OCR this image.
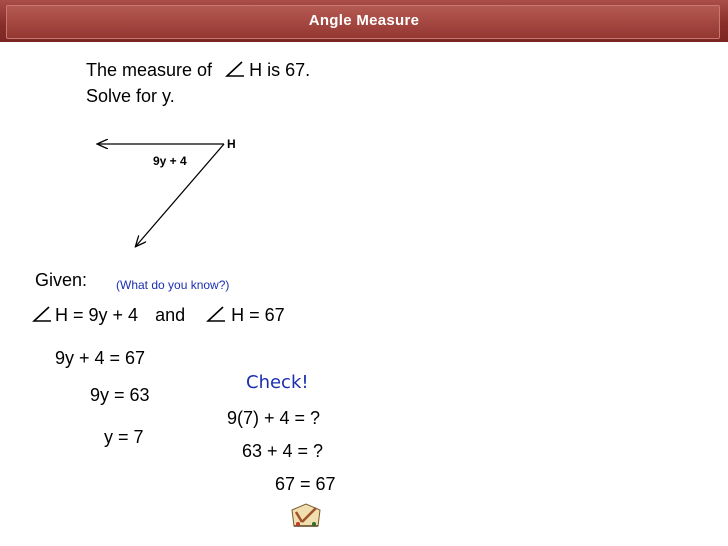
Angle Measure
The measure of H is 67.
Solve for y.
H
9y + 4
Given: (What do you know?)
H = 9y + 4 and	H = 67
9y + 4 = 67
9y = 63
y = 7
Check!
9(7) + 4 = ?
63 + 4 = ?
67 = 67
